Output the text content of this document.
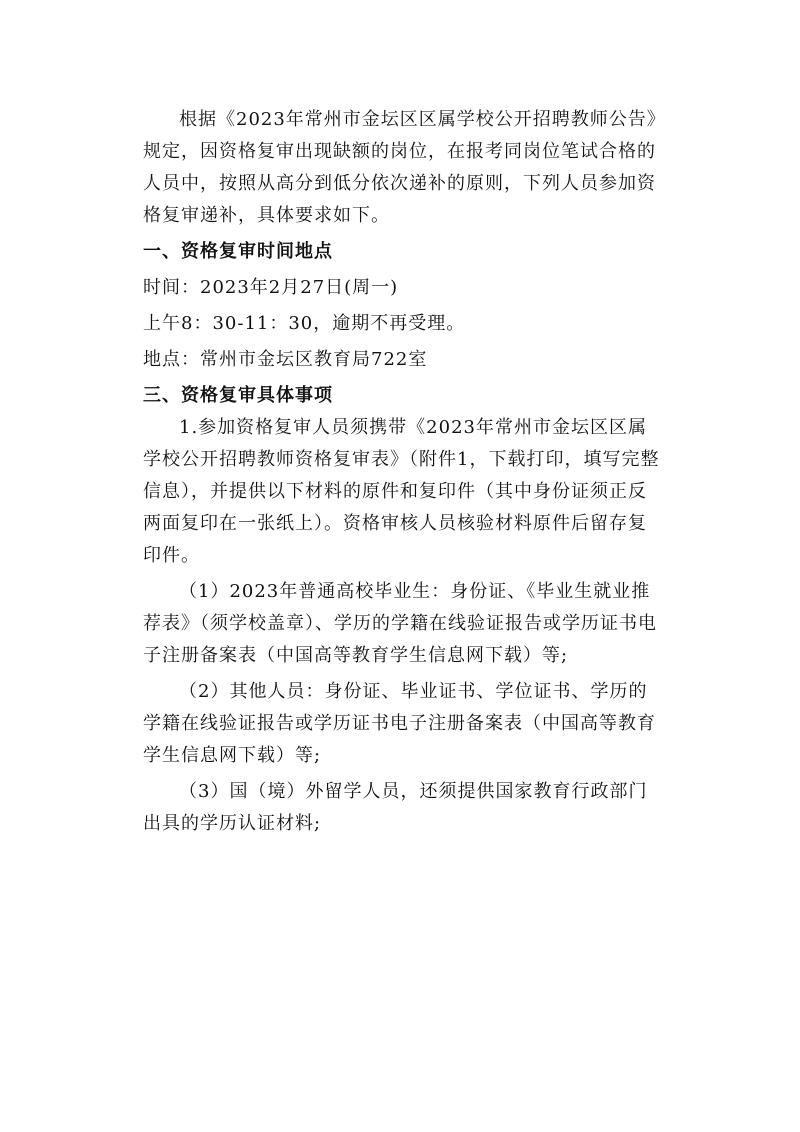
根据《2023年常州市金坛区区属学校公开招聘教师公告》规定，因资格复审出现缺额的岗位，在报考同岗位笔试合格的人员中，按照从高分到低分依次递补的原则，下列人员参加资格复审递补，具体要求如下。

一、资格复审时间地点

时间：2023年2月27日(周一)

上午8：30-11：30，逾期不再受理。

地点：常州市金坛区教育局722室

三、资格复审具体事项

1.参加资格复审人员须携带《2023年常州市金坛区区属学校公开招聘教师资格复审表》（附件1，下载打印，填写完整信息），并提供以下材料的原件和复印件（其中身份证须正反两面复印在一张纸上）。资格审核人员核验材料原件后留存复印件。

（1）2023年普通高校毕业生：身份证、《毕业生就业推荐表》（须学校盖章）、学历的学籍在线验证报告或学历证书电子注册备案表（中国高等教育学生信息网下载）等;

（2）其他人员：身份证、毕业证书、学位证书、学历的学籍在线验证报告或学历证书电子注册备案表（中国高等教育学生信息网下载）等;

（3）国（境）外留学人员，还须提供国家教育行政部门出具的学历认证材料;
